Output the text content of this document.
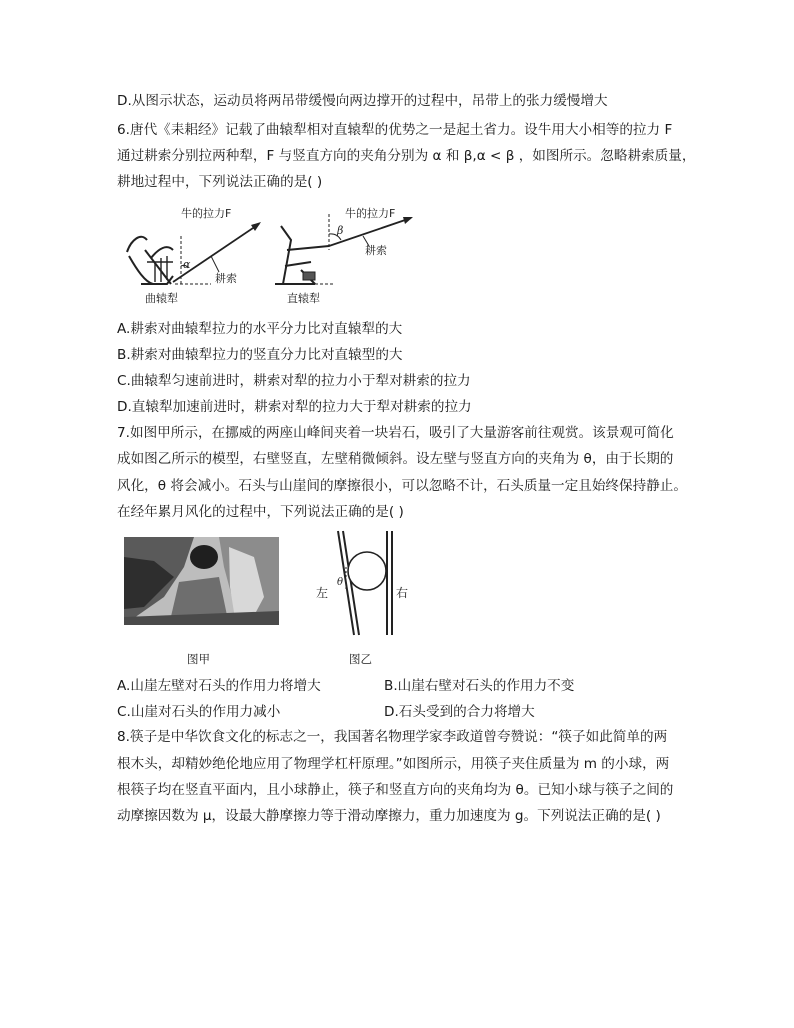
D.从图示状态，运动员将两吊带缓慢向两边撑开的过程中，吊带上的张力缓慢增大
6.唐代《耒耜经》记载了曲辕犁相对直辕犁的优势之一是起土省力。设牛用大小相等的拉力 F
通过耕索分别拉两种犁，F 与竖直方向的夹角分别为 α 和 β,α < β ，如图所示。忽略耕索质量，
耕地过程中，下列说法正确的是( )
牛的拉力F
α
耕索
曲辕犁
牛的拉力F
β
耕索
直辕犁
A.耕索对曲辕犁拉力的水平分力比对直辕犁的大
B.耕索对曲辕犁拉力的竖直分力比对直辕型的大
C.曲辕犁匀速前进时，耕索对犁的拉力小于犁对耕索的拉力
D.直辕犁加速前进时，耕索对犁的拉力大于犁对耕索的拉力
7.如图甲所示，在挪威的两座山峰间夹着一块岩石，吸引了大量游客前往观赏。该景观可简化
成如图乙所示的模型，右壁竖直，左壁稍微倾斜。设左壁与竖直方向的夹角为 θ，由于长期的
风化，θ 将会减小。石头与山崖间的摩擦很小，可以忽略不计，石头质量一定且始终保持静止。
在经年累月风化的过程中，下列说法正确的是( )
图甲
θ
左	右
图乙
A.山崖左壁对石头的作用力将增大	B.山崖右壁对石头的作用力不变
C.山崖对石头的作用力减小	D.石头受到的合力将增大
8.筷子是中华饮食文化的标志之一，我国著名物理学家李政道曾夸赞说：“筷子如此简单的两
根木头，却精妙绝伦地应用了物理学杠杆原理。”如图所示，用筷子夹住质量为 m 的小球，两
根筷子均在竖直平面内，且小球静止，筷子和竖直方向的夹角均为 θ。已知小球与筷子之间的
动摩擦因数为 μ，设最大静摩擦力等于滑动摩擦力，重力加速度为 g。下列说法正确的是( )
